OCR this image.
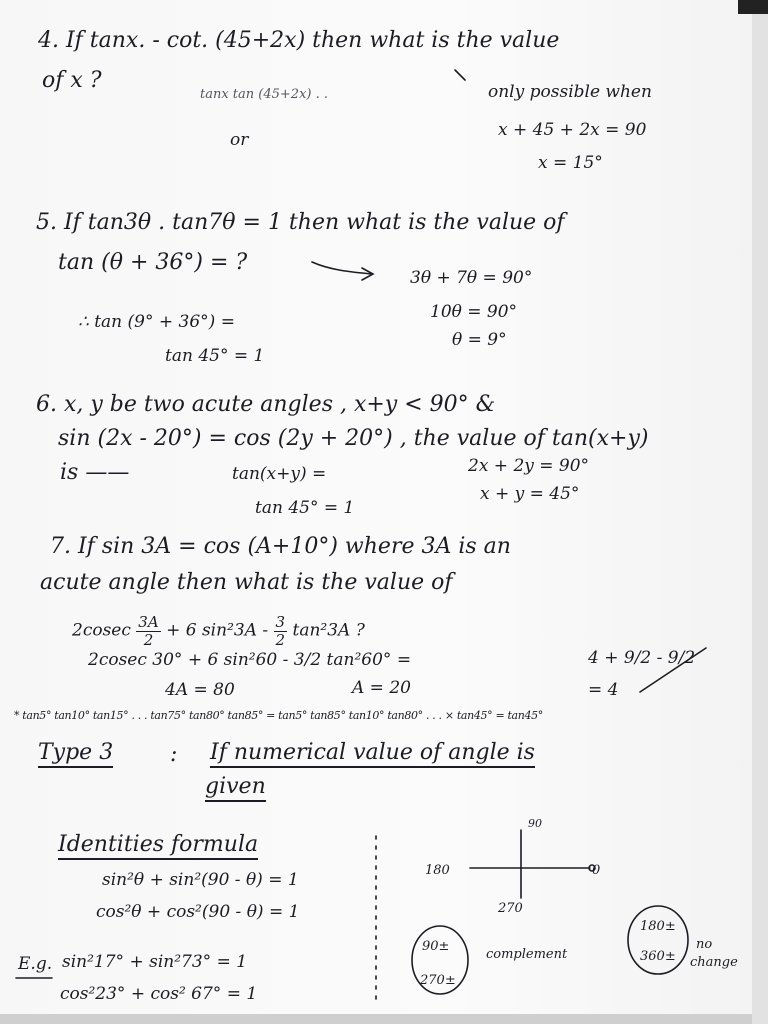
4. If tanx. - cot. (45+2x) then what is the value
of x ?
tanx tan (45+2x) . .	only possible when
x + 45 + 2x = 90
x = 15°
or
5. If tan3θ . tan7θ = 1 then what is the value of
tan (θ + 36°) = ?
3θ + 7θ = 90°
10θ = 90°
θ = 9°
∴ tan (9° + 36°) =
tan 45° = 1
6. x, y be two acute angles , x+y < 90° &
sin (2x - 20°) = cos (2y + 20°) , the value of tan(x+y)
is ——	tan(x+y) =
tan 45° = 1
2x + 2y = 90°
x + y = 45°
7. If sin 3A = cos (A+10°) where 3A is an
acute angle then what is the value of
$2cosec \frac{3A}{2} + 6$ $\sin^23A - \frac{3}{2} \tan^23A$ ?
2cosec 30° + 6 sin²60 - 3/2 tan²60° =	4 + 9/2 - 9/2
4A = 80	A = 20	= 4
* tan5° tan10° tan15° . . . tan75° tan80° tan85° = tan5° tan85° tan10° tan80° . . . × tan45° = tan45°
Type 3	: If numerical value of angle is
given
Identities formula
sin²θ + sin²(90 - θ) = 1
cos²θ + cos²(90 - θ) = 1
E.g. sin²17° + sin²73° = 1
cos²23° + cos² 67° = 1
90
180	0
270
90±
270±
complement
180±
360±
no
change
